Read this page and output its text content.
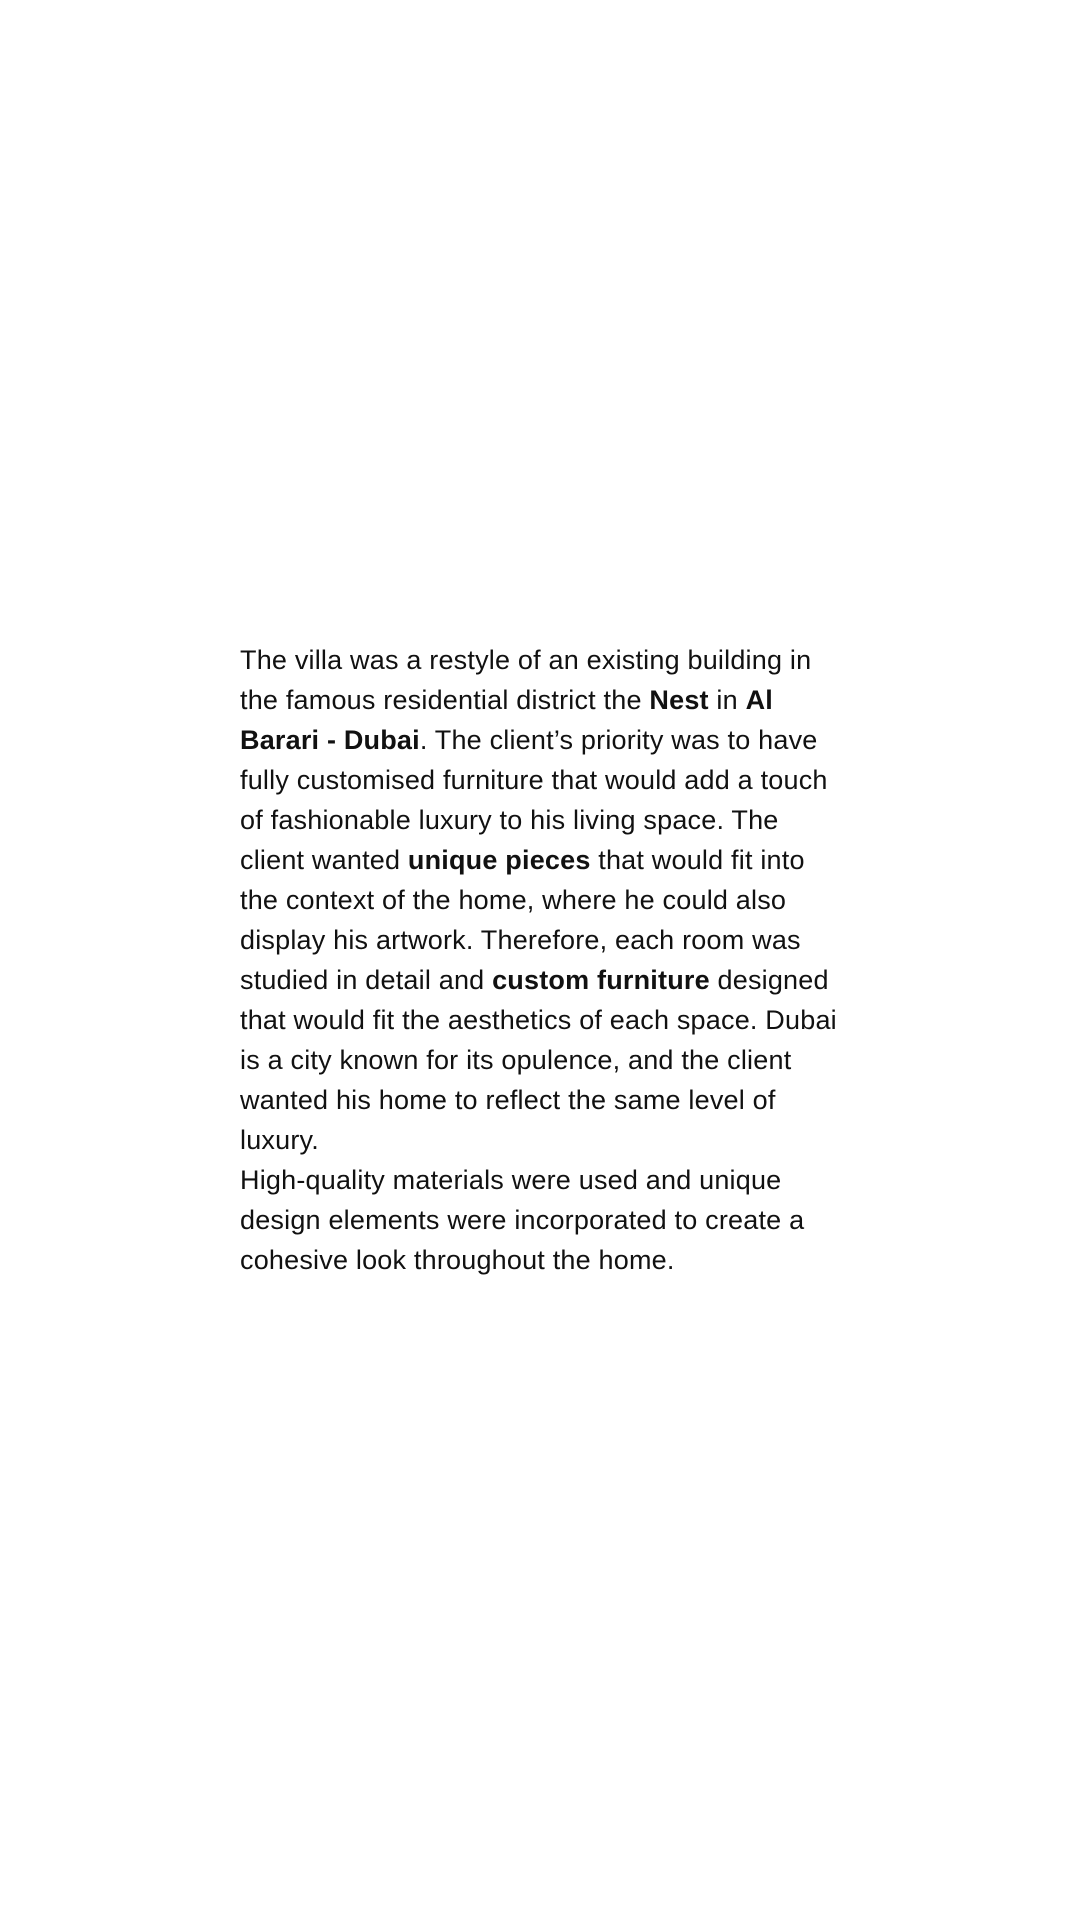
The villa was a restyle of an existing building in the famous residential district the Nest in Al Barari - Dubai. The client’s priority was to have fully customised furniture that would add a touch of fashionable luxury to his living space. The client wanted unique pieces that would fit into the context of the home, where he could also display his artwork. Therefore, each room was studied in detail and custom furniture designed that would fit the aesthetics of each space. Dubai is a city known for its opulence, and the client wanted his home to reflect the same level of luxury.

High-quality materials were used and unique design elements were incorporated to create a cohesive look throughout the home.
